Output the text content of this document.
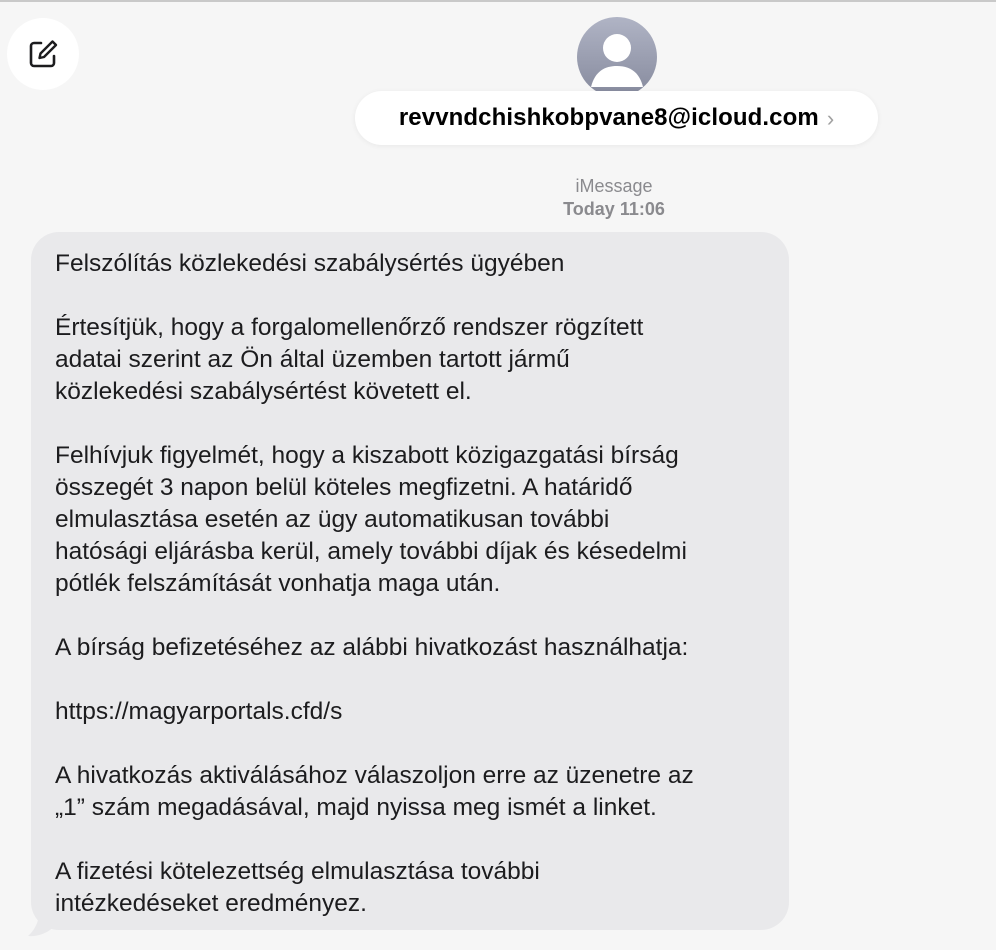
revvndchishkobpvane8@icloud.com ›
iMessage
Today 11:06

Felszólítás közlekedési szabálysértés ügyében

Értesítjük, hogy a forgalomellenőrző rendszer rögzített
adatai szerint az Ön által üzemben tartott jármű
közlekedési szabálysértést követett el.

Felhívjuk figyelmét, hogy a kiszabott közigazgatási bírság
összegét 3 napon belül köteles megfizetni. A határidő
elmulasztása esetén az ügy automatikusan további
hatósági eljárásba kerül, amely további díjak és késedelmi
pótlék felszámítását vonhatja maga után.

A bírság befizetéséhez az alábbi hivatkozást használhatja:

https://magyarportals.cfd/s

A hivatkozás aktiválásához válaszoljon erre az üzenetre az
„1” szám megadásával, majd nyissa meg ismét a linket.

A fizetési kötelezettség elmulasztása további
intézkedéseket eredményez.
